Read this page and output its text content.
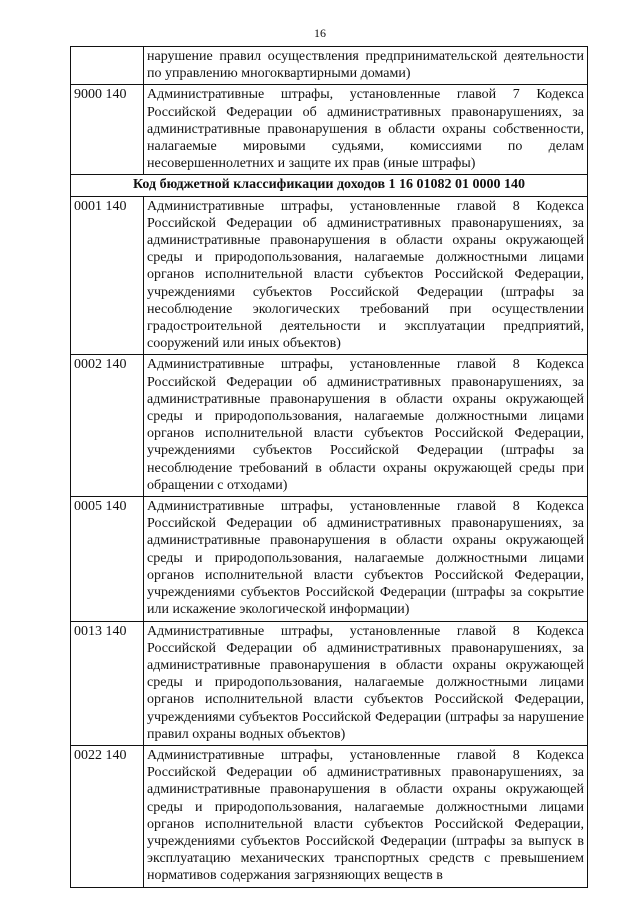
16
	нарушение правил осуществления предпринимательской деятельности по управлению многоквартирными домами)
9000 140	Административные штрафы, установленные главой 7 Кодекса Российской Федерации об административных правонарушениях, за административные правонарушения в области охраны собственности, налагаемые мировыми судьями, комиссиями по делам несовершеннолетних и защите их прав (иные штрафы)
Код бюджетной классификации доходов 1 16 01082 01 0000 140	
0001 140	Административные штрафы, установленные главой 8 Кодекса Российской Федерации об административных правонарушениях, за административные правонарушения в области охраны окружающей среды и природопользования, налагаемые должностными лицами органов исполнительной власти субъектов Российской Федерации, учреждениями субъектов Российской Федерации (штрафы за несоблюдение экологических требований при осуществлении градостроительной деятельности и эксплуатации предприятий, сооружений или иных объектов)
0002 140	Административные штрафы, установленные главой 8 Кодекса Российской Федерации об административных правонарушениях, за административные правонарушения в области охраны окружающей среды и природопользования, налагаемые должностными лицами органов исполнительной власти субъектов Российской Федерации, учреждениями субъектов Российской Федерации (штрафы за несоблюдение требований в области охраны окружающей среды при обращении с отходами)
0005 140	Административные штрафы, установленные главой 8 Кодекса Российской Федерации об административных правонарушениях, за административные правонарушения в области охраны окружающей среды и природопользования, налагаемые должностными лицами органов исполнительной власти субъектов Российской Федерации, учреждениями субъектов Российской Федерации (штрафы за сокрытие или искажение экологической информации)
0013 140	Административные штрафы, установленные главой 8 Кодекса Российской Федерации об административных правонарушениях, за административные правонарушения в области охраны окружающей среды и природопользования, налагаемые должностными лицами органов исполнительной власти субъектов Российской Федерации, учреждениями субъектов Российской Федерации (штрафы за нарушение правил охраны водных объектов)
0022 140	Административные штрафы, установленные главой 8 Кодекса Российской Федерации об административных правонарушениях, за административные правонарушения в области охраны окружающей среды и природопользования, налагаемые должностными лицами органов исполнительной власти субъектов Российской Федерации, учреждениями субъектов Российской Федерации (штрафы за выпуск в эксплуатацию механических транспортных средств с превышением нормативов содержания загрязняющих веществ в
